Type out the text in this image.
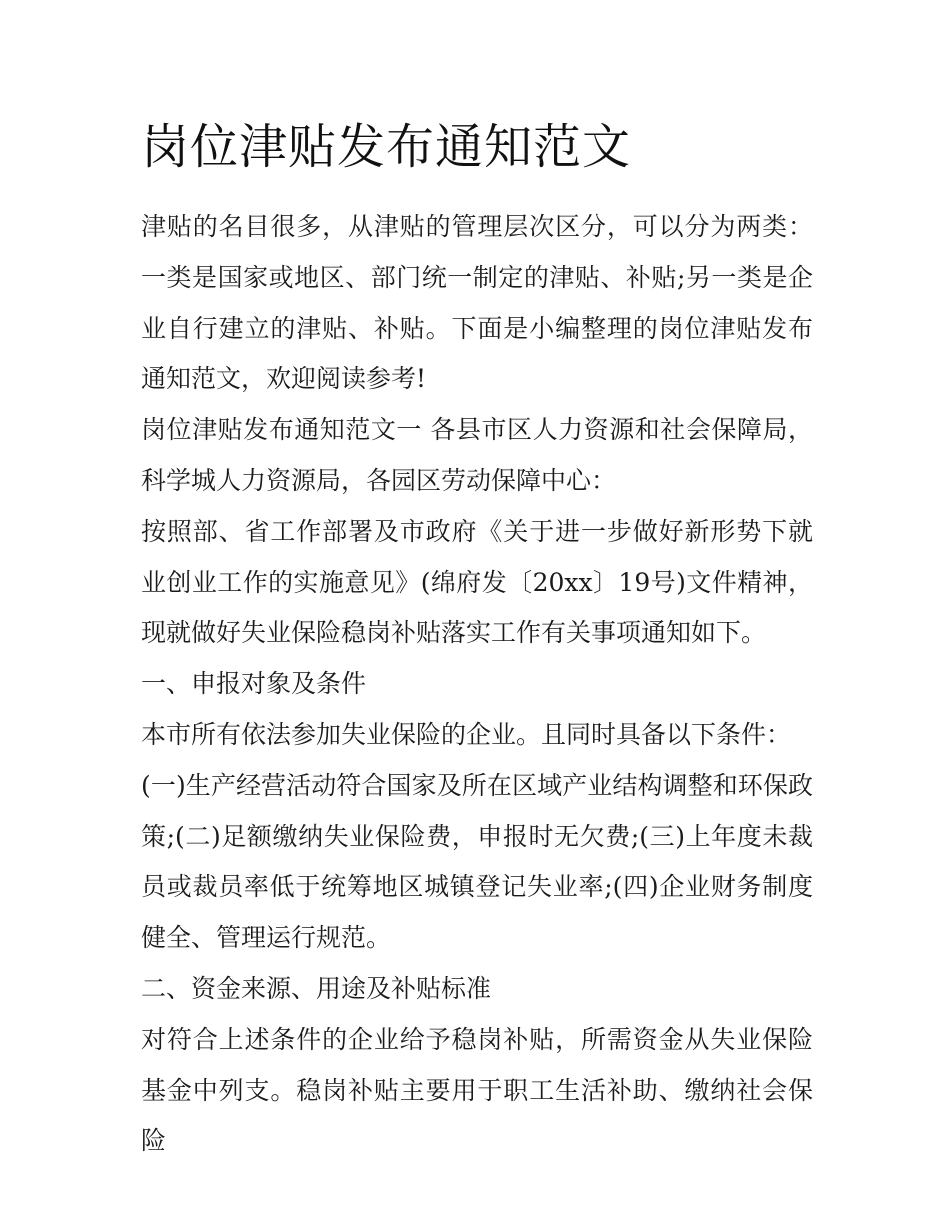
岗位津贴发布通知范文

津贴的名目很多，从津贴的管理层次区分，可以分为两类：一类是国家或地区、部门统一制定的津贴、补贴;另一类是企业自行建立的津贴、补贴。下面是小编整理的岗位津贴发布通知范文，欢迎阅读参考!

岗位津贴发布通知范文一 各县市区人力资源和社会保障局，科学城人力资源局，各园区劳动保障中心：

按照部、省工作部署及市政府《关于进一步做好新形势下就业创业工作的实施意见》(绵府发〔20xx〕19号)文件精神，现就做好失业保险稳岗补贴落实工作有关事项通知如下。

一、申报对象及条件

本市所有依法参加失业保险的企业。且同时具备以下条件：

(一)生产经营活动符合国家及所在区域产业结构调整和环保政策;(二)足额缴纳失业保险费，申报时无欠费;(三)上年度未裁员或裁员率低于统筹地区城镇登记失业率;(四)企业财务制度健全、管理运行规范。

二、资金来源、用途及补贴标准

对符合上述条件的企业给予稳岗补贴，所需资金从失业保险基金中列支。稳岗补贴主要用于职工生活补助、缴纳社会保险
